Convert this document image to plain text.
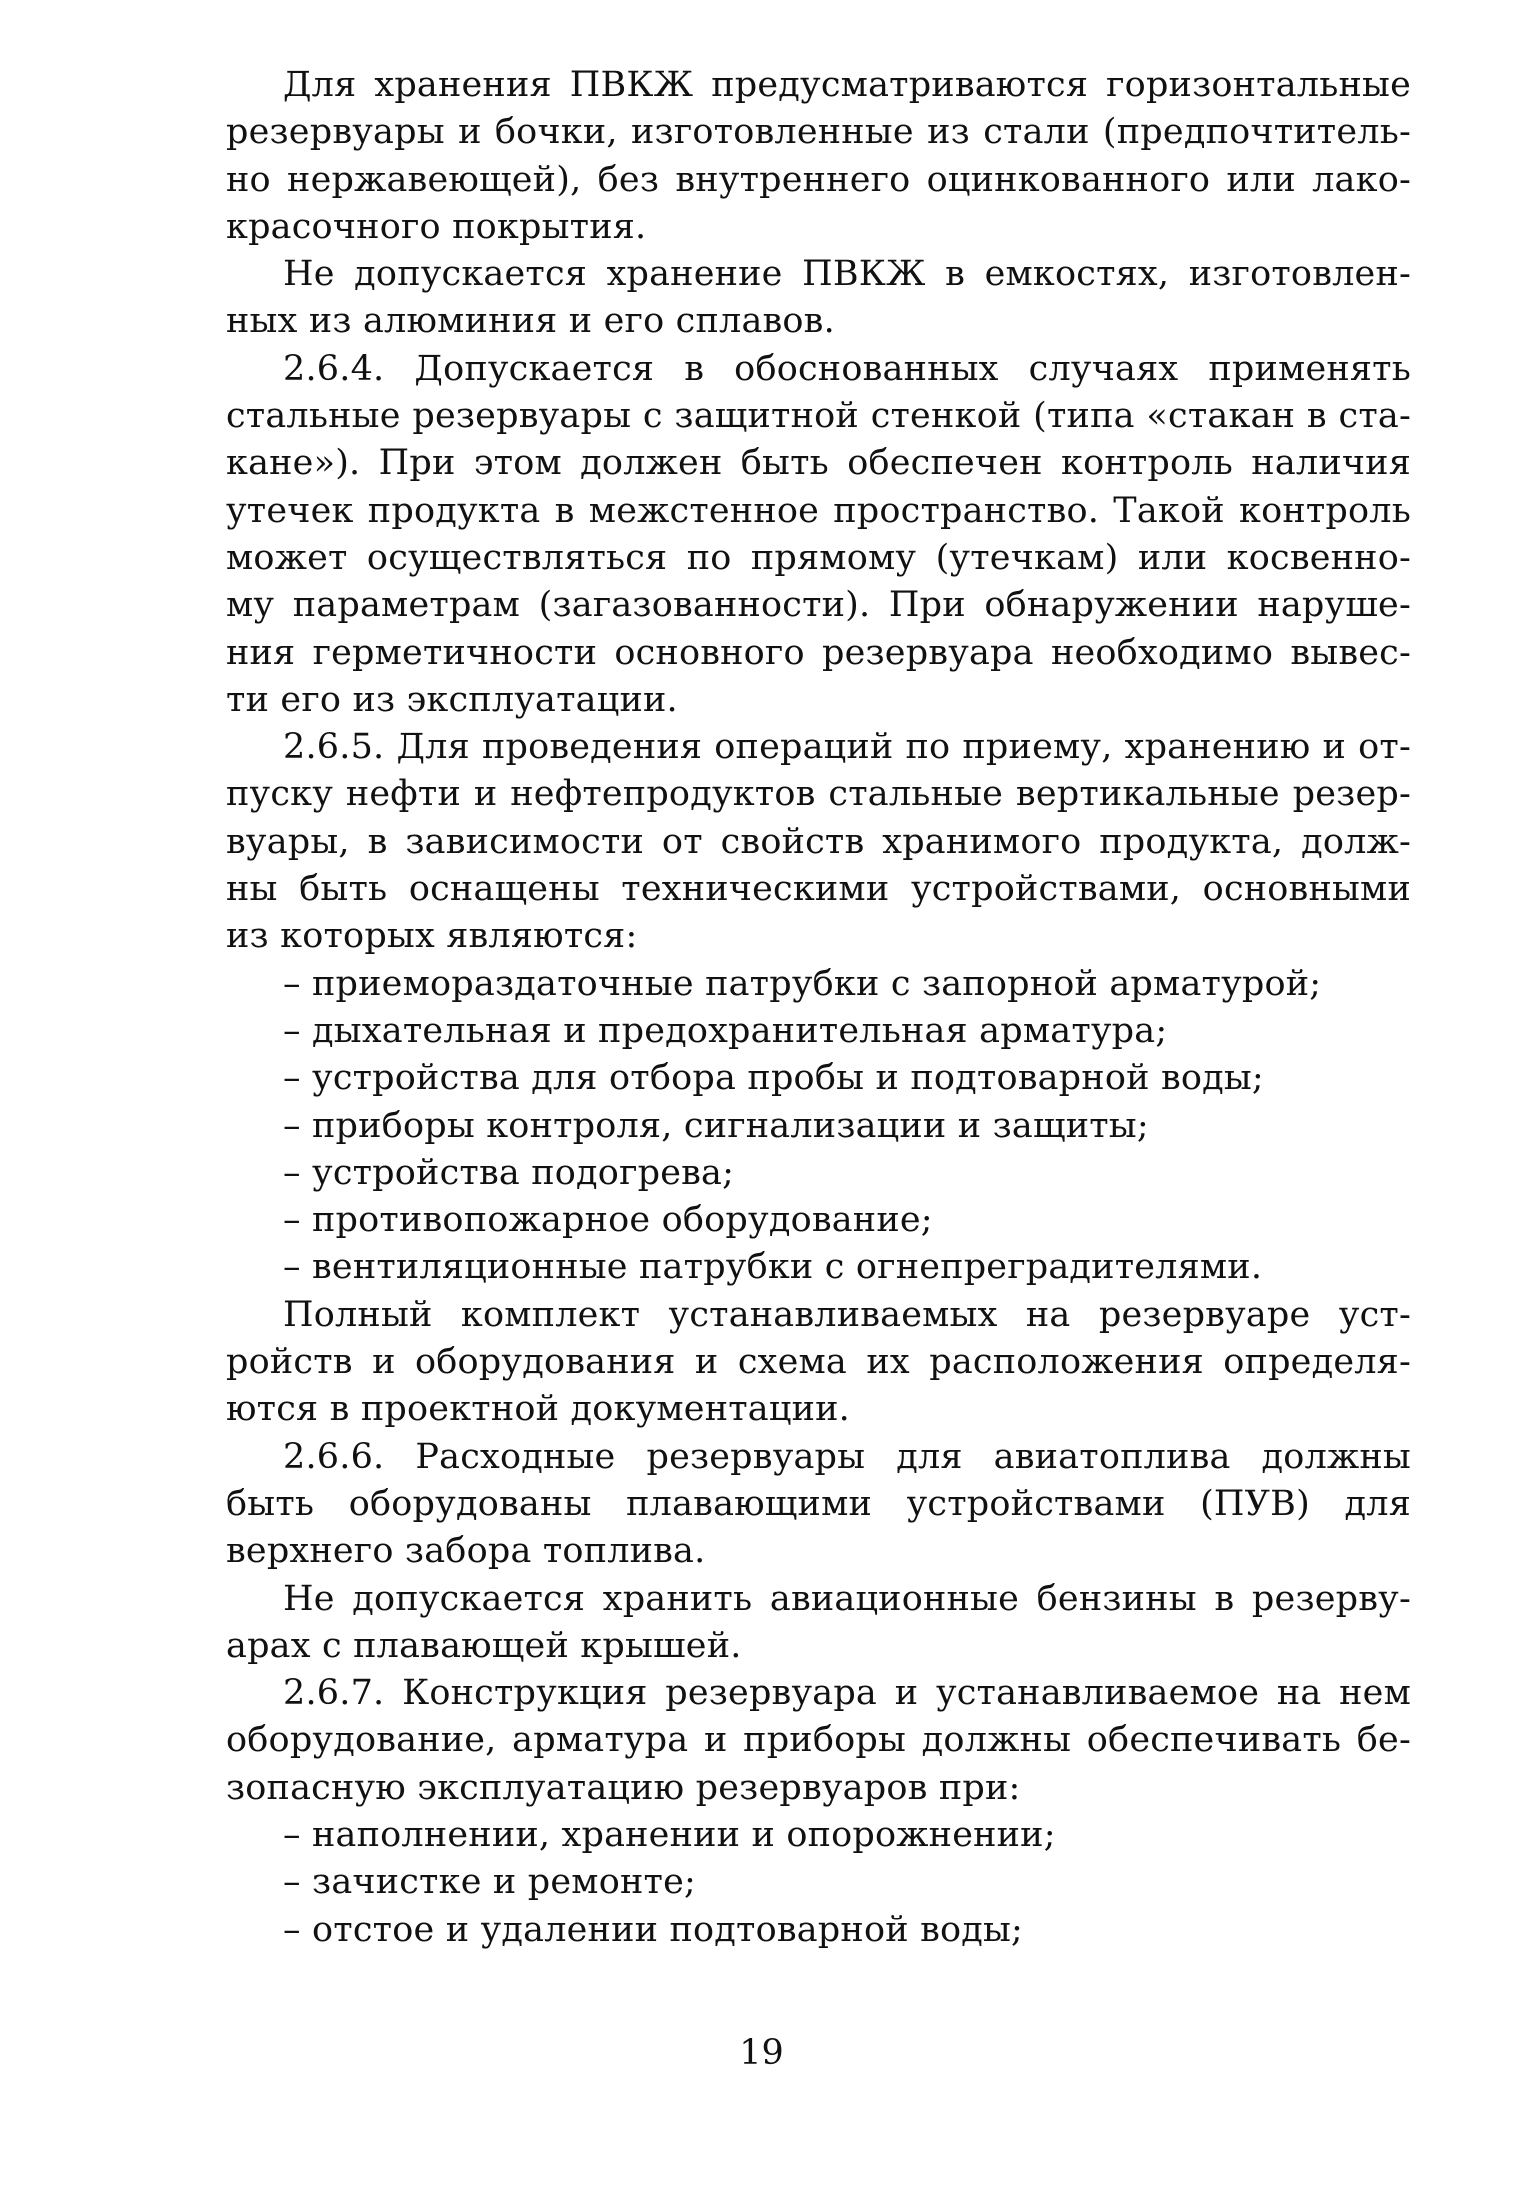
Для хранения ПВКЖ предусматриваются горизонтальные
резервуары и бочки, изготовленные из стали (предпочтитель-
но нержавеющей), без внутреннего оцинкованного или лако-
красочного покрытия.
Не допускается хранение ПВКЖ в емкостях, изготовлен-
ных из алюминия и его сплавов.
2.6.4. Допускается в обоснованных случаях применять
стальные резервуары с защитной стенкой (типа «стакан в ста-
кане»). При этом должен быть обеспечен контроль наличия
утечек продукта в межстенное пространство. Такой контроль
может осуществляться по прямому (утечкам) или косвенно-
му параметрам (загазованности). При обнаружении наруше-
ния герметичности основного резервуара необходимо вывес-
ти его из эксплуатации.
2.6.5. Для проведения операций по приему, хранению и от-
пуску нефти и нефтепродуктов стальные вертикальные резер-
вуары, в зависимости от свойств хранимого продукта, долж-
ны быть оснащены техническими устройствами, основными
из которых являются:
– приемораздаточные патрубки с запорной арматурой;
– дыхательная и предохранительная арматура;
– устройства для отбора пробы и подтоварной воды;
– приборы контроля, сигнализации и защиты;
– устройства подогрева;
– противопожарное оборудование;
– вентиляционные патрубки с огнепреградителями.
Полный комплект устанавливаемых на резервуаре уст-
ройств и оборудования и схема их расположения определя-
ются в проектной документации.
2.6.6. Расходные резервуары для авиатоплива должны
быть оборудованы плавающими устройствами (ПУВ) для
верхнего забора топлива.
Не допускается хранить авиационные бензины в резерву-
арах с плавающей крышей.
2.6.7. Конструкция резервуара и устанавливаемое на нем
оборудование, арматура и приборы должны обеспечивать бе-
зопасную эксплуатацию резервуаров при:
– наполнении, хранении и опорожнении;
– зачистке и ремонте;
– отстое и удалении подтоварной воды;
19
